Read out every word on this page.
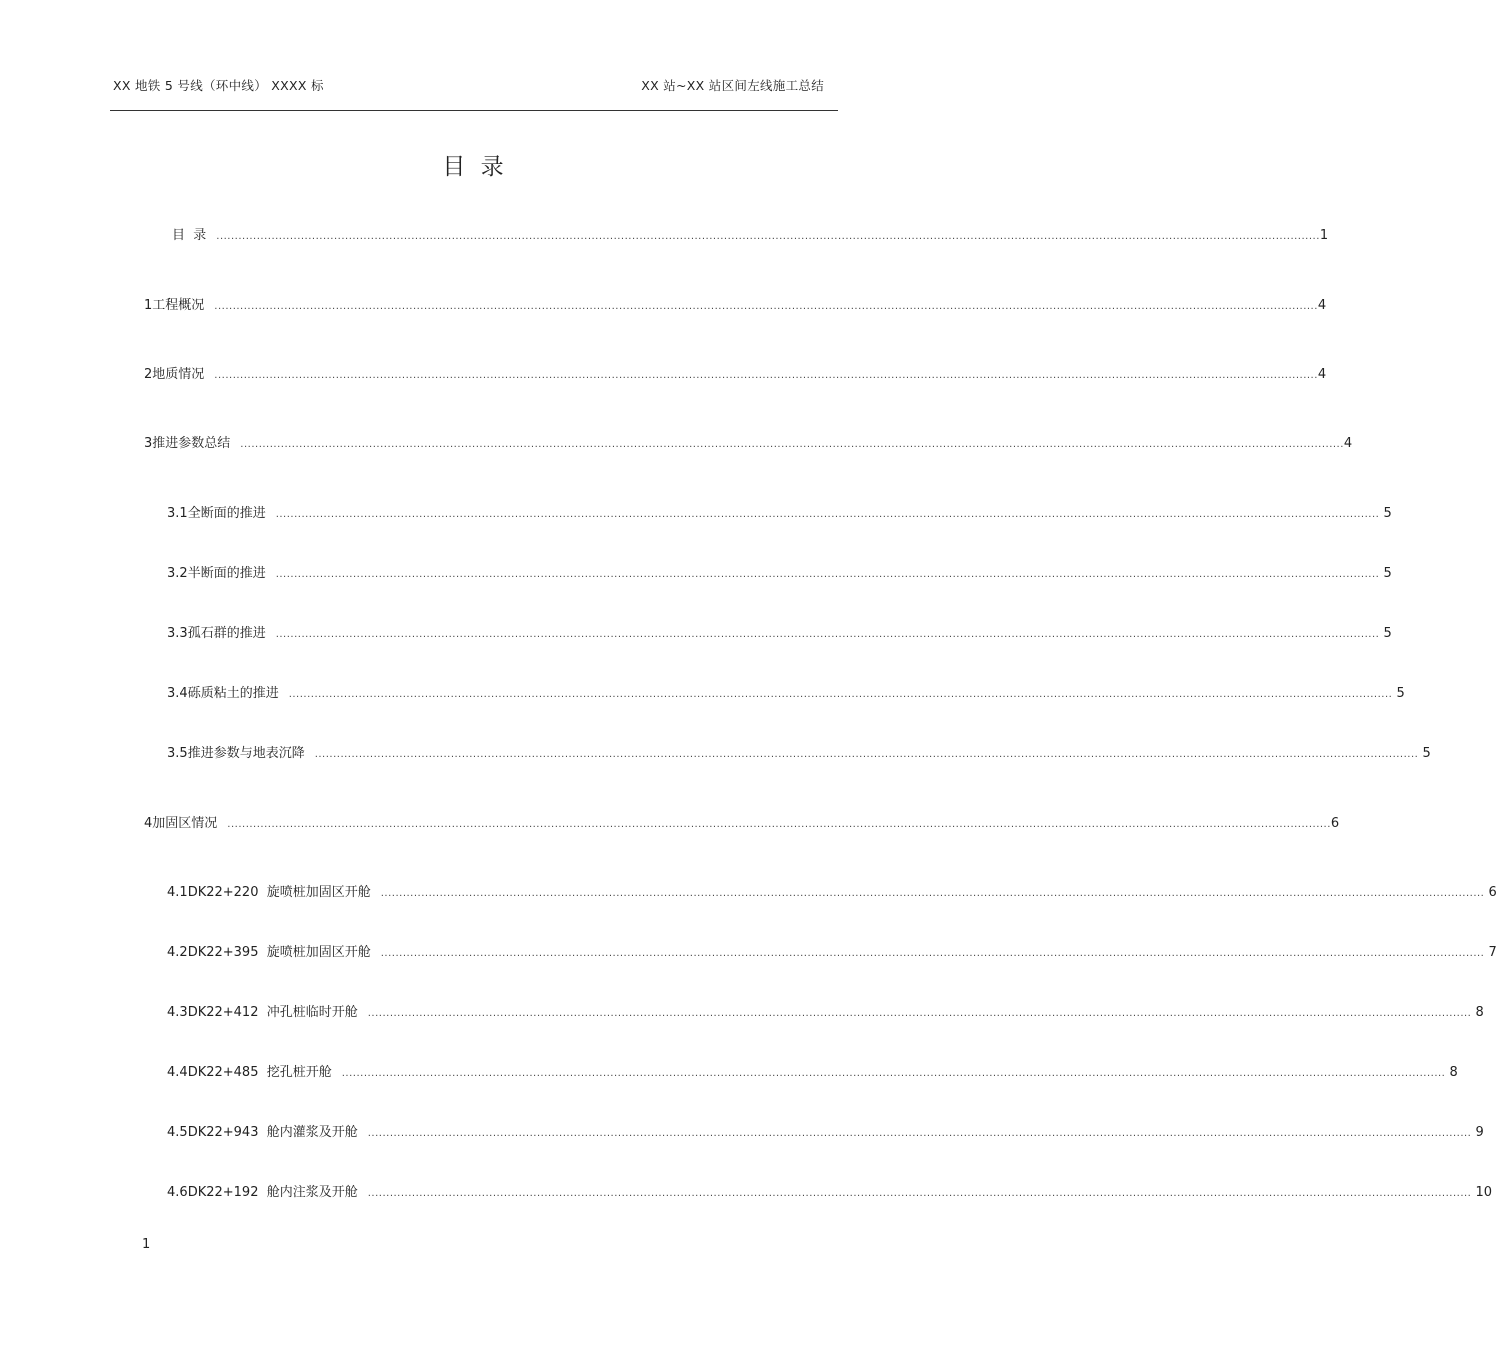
XX 地铁 5 号线（环中线） XXXX 标	XX 站~XX 站区间左线施工总结
目 录
目  录 ............................................................................................................................................................................................................................................................................................................ 1
1 工程概况 ............................................................................................................................................................................................................................................................................................................ 4
2 地质情况 ............................................................................................................................................................................................................................................................................................................ 4
3 推进参数总结 ............................................................................................................................................................................................................................................................................................................ 4
3.1 全断面的推进 ............................................................................................................................................................................................................................................................................................................ 5
3.2 半断面的推进 ............................................................................................................................................................................................................................................................................................................ 5
3.3 孤石群的推进 ............................................................................................................................................................................................................................................................................................................ 5
3.4 砾质粘土的推进 ............................................................................................................................................................................................................................................................................................................ 5
3.5 推进参数与地表沉降 ............................................................................................................................................................................................................................................................................................................ 5
4 加固区情况 ............................................................................................................................................................................................................................................................................................................ 6
4.1 DK22+220  旋喷桩加固区开舱 ............................................................................................................................................................................................................................................................................................................ 6
4.2 DK22+395  旋喷桩加固区开舱 ............................................................................................................................................................................................................................................................................................................ 7
4.3 DK22+412  冲孔桩临时开舱 ............................................................................................................................................................................................................................................................................................................ 8
4.4 DK22+485  挖孔桩开舱 ............................................................................................................................................................................................................................................................................................................ 8
4.5 DK22+943  舱内灌浆及开舱 ............................................................................................................................................................................................................................................................................................................ 9
4.6 DK22+192  舱内注浆及开舱 ............................................................................................................................................................................................................................................................................................................ 10
1
